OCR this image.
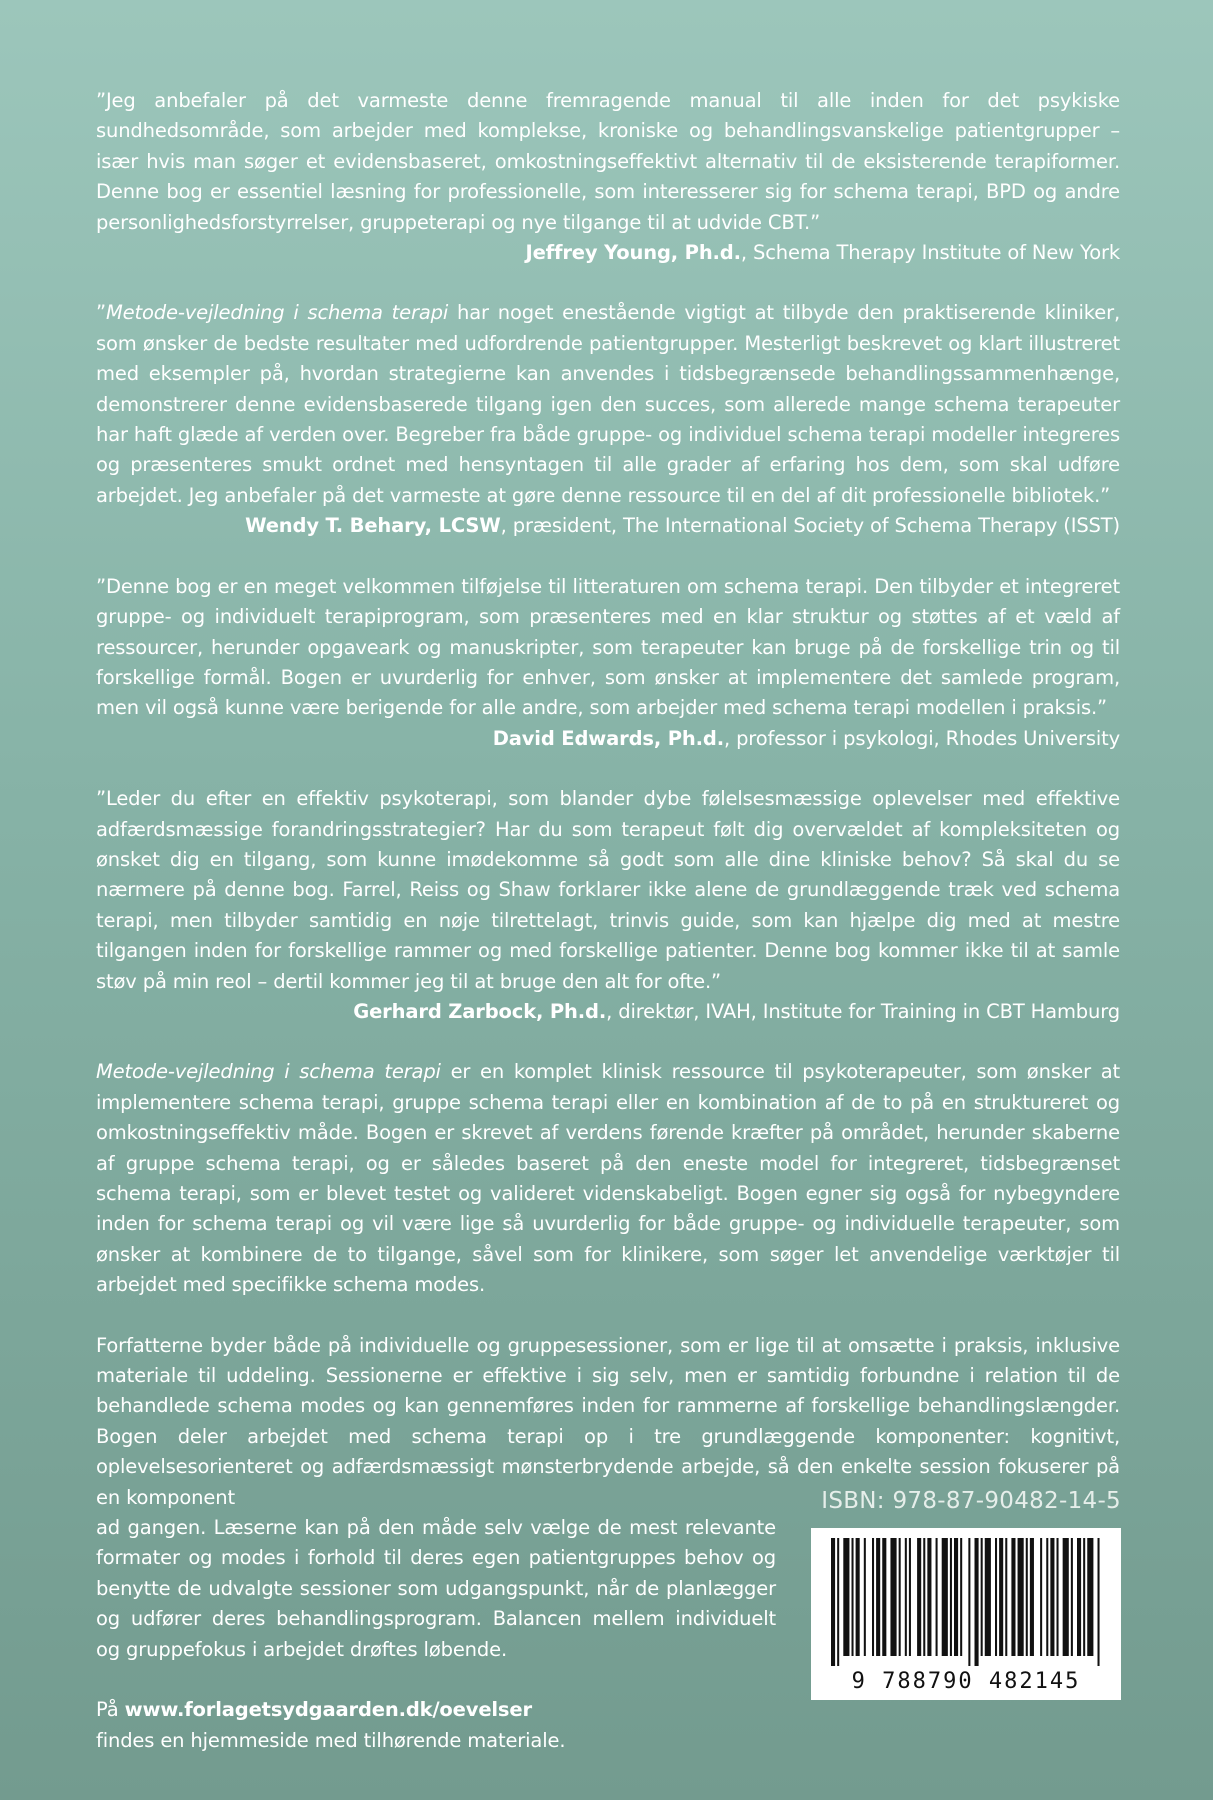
”Jeg anbefaler på det varmeste denne fremragende manual til alle inden for det psykiske sundhedsområde, som arbejder med komplekse, kroniske og behandlingsvanskelige patientgrupper – især hvis man søger et evidensbaseret, omkostningseffektivt alternativ til de eksisterende terapiformer. Denne bog er essentiel læsning for professionelle, som interesserer sig for schema terapi, BPD og andre personlighedsforstyrrelser, gruppeterapi og nye tilgange til at udvide CBT.”

Jeffrey Young, Ph.d., Schema Therapy Institute of New York

”Metode-vejledning i schema terapi har noget enestående vigtigt at tilbyde den praktiserende kliniker, som ønsker de bedste resultater med udfordrende patientgrupper. Mesterligt beskrevet og klart illustreret med eksempler på, hvordan strategierne kan anvendes i tidsbegrænsede behandlingssammenhænge, demonstrerer denne evidensbaserede tilgang igen den succes, som allerede mange schema terapeuter har haft glæde af verden over. Begreber fra både gruppe- og individuel schema terapi modeller integreres og præsenteres smukt ordnet med hensyntagen til alle grader af erfaring hos dem, som skal udføre arbejdet. Jeg anbefaler på det varmeste at gøre denne ressource til en del af dit professionelle bibliotek.”

Wendy T. Behary, LCSW, præsident, The International Society of Schema Therapy (ISST)

”Denne bog er en meget velkommen tilføjelse til litteraturen om schema terapi. Den tilbyder et integreret gruppe- og individuelt terapiprogram, som præsenteres med en klar struktur og støttes af et væld af ressourcer, herunder opgaveark og manuskripter, som terapeuter kan bruge på de forskellige trin og til forskellige formål. Bogen er uvurderlig for enhver, som ønsker at implementere det samlede program, men vil også kunne være berigende for alle andre, som arbejder med schema terapi modellen i praksis.”

David Edwards, Ph.d., professor i psykologi, Rhodes University

”Leder du efter en effektiv psykoterapi, som blander dybe følelsesmæssige oplevelser med effektive adfærdsmæssige forandringsstrategier? Har du som terapeut følt dig overvældet af kompleksiteten og ønsket dig en tilgang, som kunne imødekomme så godt som alle dine kliniske behov? Så skal du se nærmere på denne bog. Farrel, Reiss og Shaw forklarer ikke alene de grundlæggende træk ved schema terapi, men tilbyder samtidig en nøje tilrettelagt, trinvis guide, som kan hjælpe dig med at mestre tilgangen inden for forskellige rammer og med forskellige patienter. Denne bog kommer ikke til at samle støv på min reol – dertil kommer jeg til at bruge den alt for ofte.”

Gerhard Zarbock, Ph.d., direktør, IVAH, Institute for Training in CBT Hamburg

Metode-vejledning i schema terapi er en komplet klinisk ressource til psykoterapeuter, som ønsker at implementere schema terapi, gruppe schema terapi eller en kombination af de to på en struktureret og omkostningseffektiv måde. Bogen er skrevet af verdens førende kræfter på området, herunder skaberne af gruppe schema terapi, og er således baseret på den eneste model for integreret, tidsbegrænset schema terapi, som er blevet testet og valideret videnskabeligt. Bogen egner sig også for nybegyndere inden for schema terapi og vil være lige så uvurderlig for både gruppe- og individuelle terapeuter, som ønsker at kombinere de to tilgange, såvel som for klinikere, som søger let anvendelige værktøjer til arbejdet med specifikke schema modes.

Forfatterne byder både på individuelle og gruppesessioner, som er lige til at omsætte i praksis, inklusive materiale til uddeling. Sessionerne er effektive i sig selv, men er samtidig forbundne i relation til de behandlede schema modes og kan gennemføres inden for rammerne af forskellige behandlingslængder. Bogen deler arbejdet med schema terapi op i tre grundlæggende komponenter: kognitivt, oplevelsesorienteret og adfærdsmæssigt mønsterbrydende arbejde, så den enkelte session fokuserer på en komponent

ad gangen. Læserne kan på den måde selv vælge de mest relevante formater og modes i forhold til deres egen patientgruppes behov og benytte de udvalgte sessioner som udgangspunkt, når de planlægger og udfører deres behandlingsprogram. Balancen mellem individuelt og gruppefokus i arbejdet drøftes løbende.

På www.forlagetsydgaarden.dk/oevelser
findes en hjemmeside med tilhørende materiale.
ISBN: 978-87-90482-14-5
9 788790 482145
